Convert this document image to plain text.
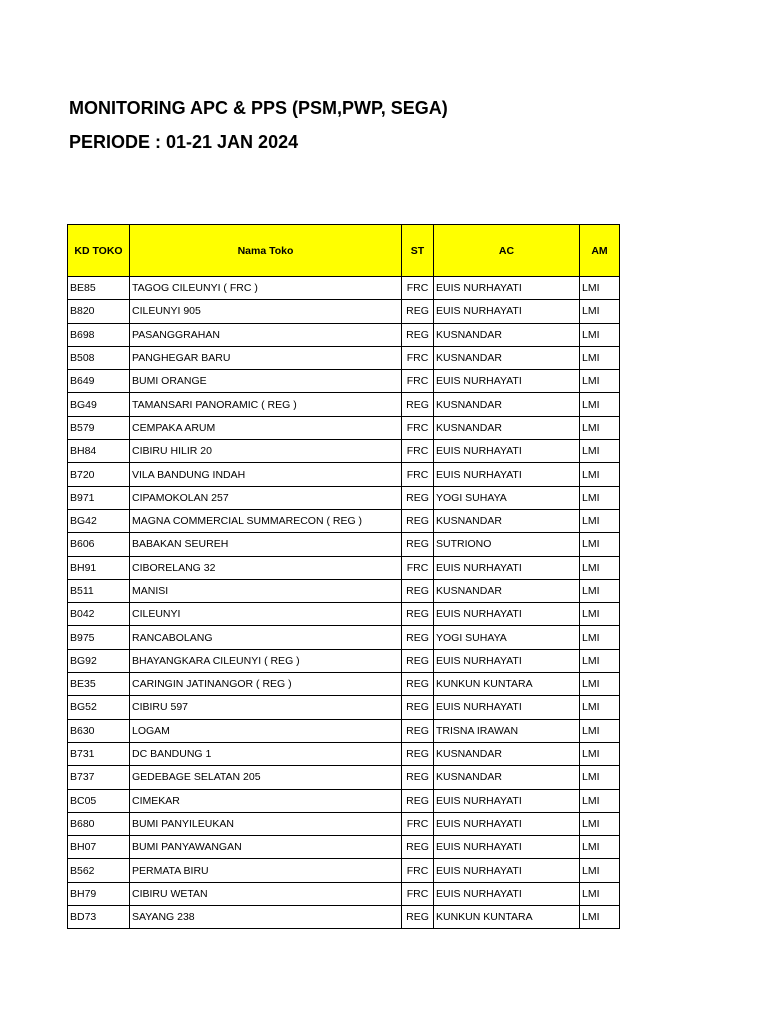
MONITORING APC & PPS (PSM,PWP, SEGA)
PERIODE : 01-21 JAN 2024
KD TOKO	Nama Toko	ST	AC	AM
BE85	TAGOG CILEUNYI ( FRC )	FRC	EUIS NURHAYATI	LMI
B820	CILEUNYI 905	REG	EUIS NURHAYATI	LMI
B698	PASANGGRAHAN	REG	KUSNANDAR	LMI
B508	PANGHEGAR BARU	FRC	KUSNANDAR	LMI
B649	BUMI ORANGE	FRC	EUIS NURHAYATI	LMI
BG49	TAMANSARI PANORAMIC ( REG )	REG	KUSNANDAR	LMI
B579	CEMPAKA ARUM	FRC	KUSNANDAR	LMI
BH84	CIBIRU HILIR 20	FRC	EUIS NURHAYATI	LMI
B720	VILA BANDUNG INDAH	FRC	EUIS NURHAYATI	LMI
B971	CIPAMOKOLAN 257	REG	YOGI SUHAYA	LMI
BG42	MAGNA COMMERCIAL SUMMARECON ( REG )	REG	KUSNANDAR	LMI
B606	BABAKAN SEUREH	REG	SUTRIONO	LMI
BH91	CIBORELANG 32	FRC	EUIS NURHAYATI	LMI
B511	MANISI	REG	KUSNANDAR	LMI
B042	CILEUNYI	REG	EUIS NURHAYATI	LMI
B975	RANCABOLANG	REG	YOGI SUHAYA	LMI
BG92	BHAYANGKARA CILEUNYI ( REG )	REG	EUIS NURHAYATI	LMI
BE35	CARINGIN JATINANGOR ( REG )	REG	KUNKUN KUNTARA	LMI
BG52	CIBIRU 597	REG	EUIS NURHAYATI	LMI
B630	LOGAM	REG	TRISNA IRAWAN	LMI
B731	DC BANDUNG 1	REG	KUSNANDAR	LMI
B737	GEDEBAGE SELATAN 205	REG	KUSNANDAR	LMI
BC05	CIMEKAR	REG	EUIS NURHAYATI	LMI
B680	BUMI PANYILEUKAN	FRC	EUIS NURHAYATI	LMI
BH07	BUMI PANYAWANGAN	REG	EUIS NURHAYATI	LMI
B562	PERMATA BIRU	FRC	EUIS NURHAYATI	LMI
BH79	CIBIRU WETAN	FRC	EUIS NURHAYATI	LMI
BD73	SAYANG 238	REG	KUNKUN KUNTARA	LMI
